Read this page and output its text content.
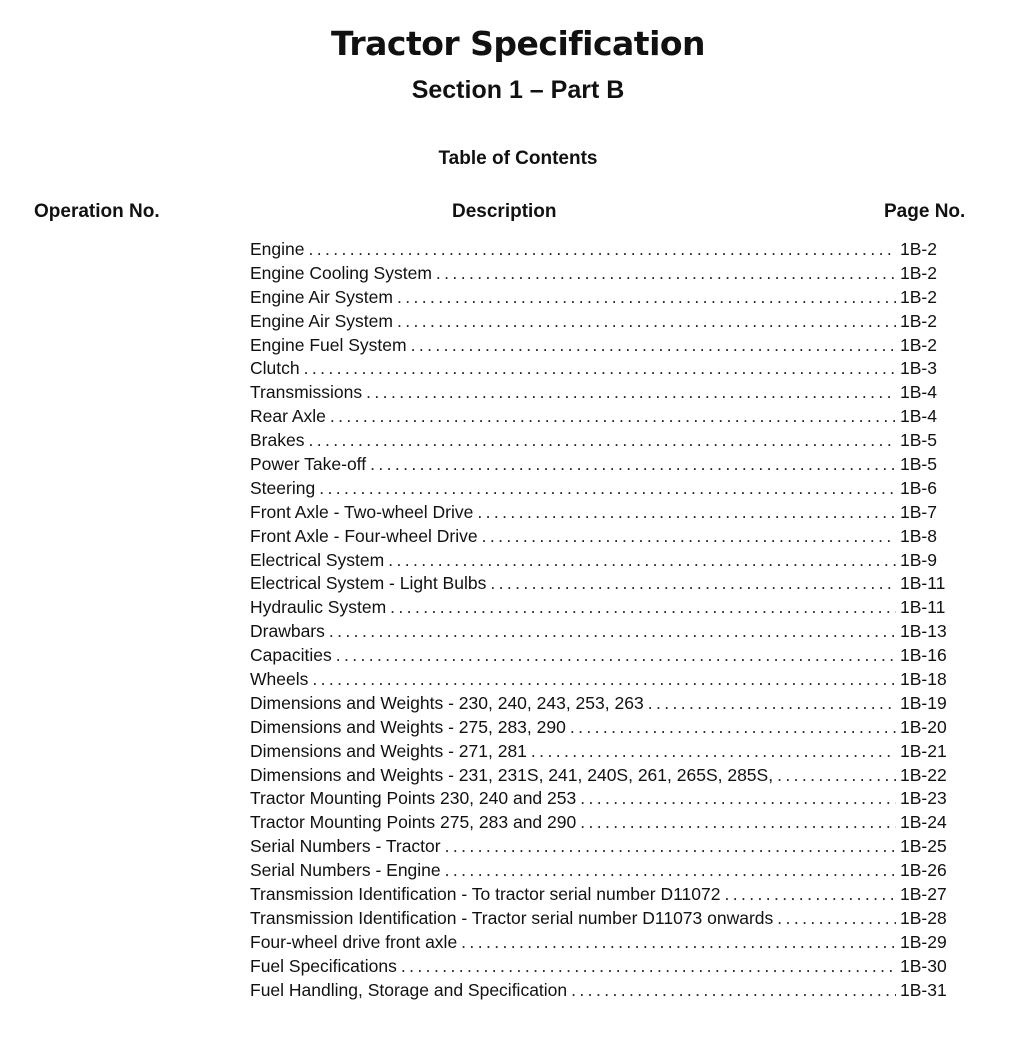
Tractor Specification
Section 1 – Part B
Table of Contents
Operation No.	Description	Page No.
Engine .....	1B-2
Engine Cooling System .....	1B-2
Engine Air System .....	1B-2
Engine Air System .....	1B-2
Engine Fuel System .....	1B-2
Clutch .....	1B-3
Transmissions .....	1B-4
Rear Axle .....	1B-4
Brakes .....	1B-5
Power Take-off .....	1B-5
Steering .....	1B-6
Front Axle - Two-wheel Drive .....	1B-7
Front Axle - Four-wheel Drive .....	1B-8
Electrical System .....	1B-9
Electrical System - Light Bulbs .....	1B-11
Hydraulic System .....	1B-11
Drawbars .....	1B-13
Capacities .....	1B-16
Wheels .....	1B-18
Dimensions and Weights - 230, 240, 243, 253, 263 .....	1B-19
Dimensions and Weights - 275, 283, 290 .....	1B-20
Dimensions and Weights - 271, 281 .....	1B-21
Dimensions and Weights - 231, 231S, 241, 240S, 261, 265S, 285S, .....	1B-22
Tractor Mounting Points 230, 240 and 253 .....	1B-23
Tractor Mounting Points 275, 283 and 290 .....	1B-24
Serial Numbers - Tractor .....	1B-25
Serial Numbers - Engine .....	1B-26
Transmission Identification - To tractor serial number D11072 .....	1B-27
Transmission Identification - Tractor serial number D11073 onwards .....	1B-28
Four-wheel drive front axle .....	1B-29
Fuel Specifications .....	1B-30
Fuel Handling, Storage and Specification .....	1B-31
